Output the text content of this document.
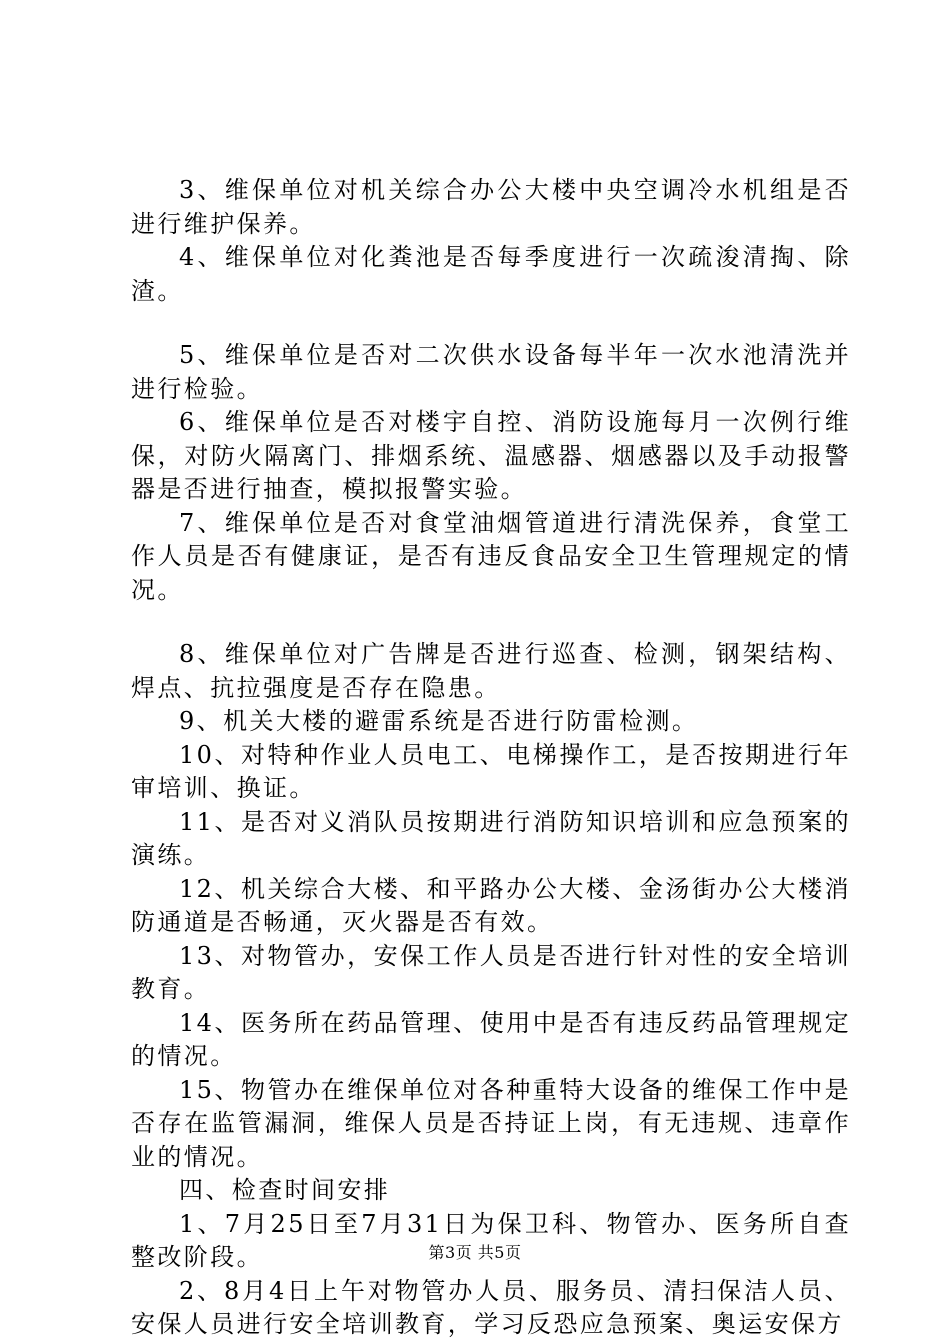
3、维保单位对机关综合办公大楼中央空调冷水机组是否进行维护保养。

4、维保单位对化粪池是否每季度进行一次疏浚清掏、除渣。

5、维保单位是否对二次供水设备每半年一次水池清洗并进行检验。

6、维保单位是否对楼宇自控、消防设施每月一次例行维保，对防火隔离门、排烟系统、温感器、烟感器以及手动报警器是否进行抽查，模拟报警实验。

7、维保单位是否对食堂油烟管道进行清洗保养，食堂工作人员是否有健康证，是否有违反食品安全卫生管理规定的情况。

8、维保单位对广告牌是否进行巡查、检测，钢架结构、焊点、抗拉强度是否存在隐患。

9、机关大楼的避雷系统是否进行防雷检测。

10、对特种作业人员电工、电梯操作工，是否按期进行年审培训、换证。

11、是否对义消队员按期进行消防知识培训和应急预案的演练。

12、机关综合大楼、和平路办公大楼、金汤街办公大楼消防通道是否畅通，灭火器是否有效。

13、对物管办，安保工作人员是否进行针对性的安全培训教育。

14、医务所在药品管理、使用中是否有违反药品管理规定的情况。

15、物管办在维保单位对各种重特大设备的维保工作中是否存在监管漏洞，维保人员是否持证上岗，有无违规、违章作业的情况。

四、检查时间安排

1、7月25日至7月31日为保卫科、物管办、医务所自查整改阶段。

2、8月4日上午对物管办人员、服务员、清扫保洁人员、安保人员进行安全培训教育，学习反恐应急预案、奥运安保方

第3页 共5页
